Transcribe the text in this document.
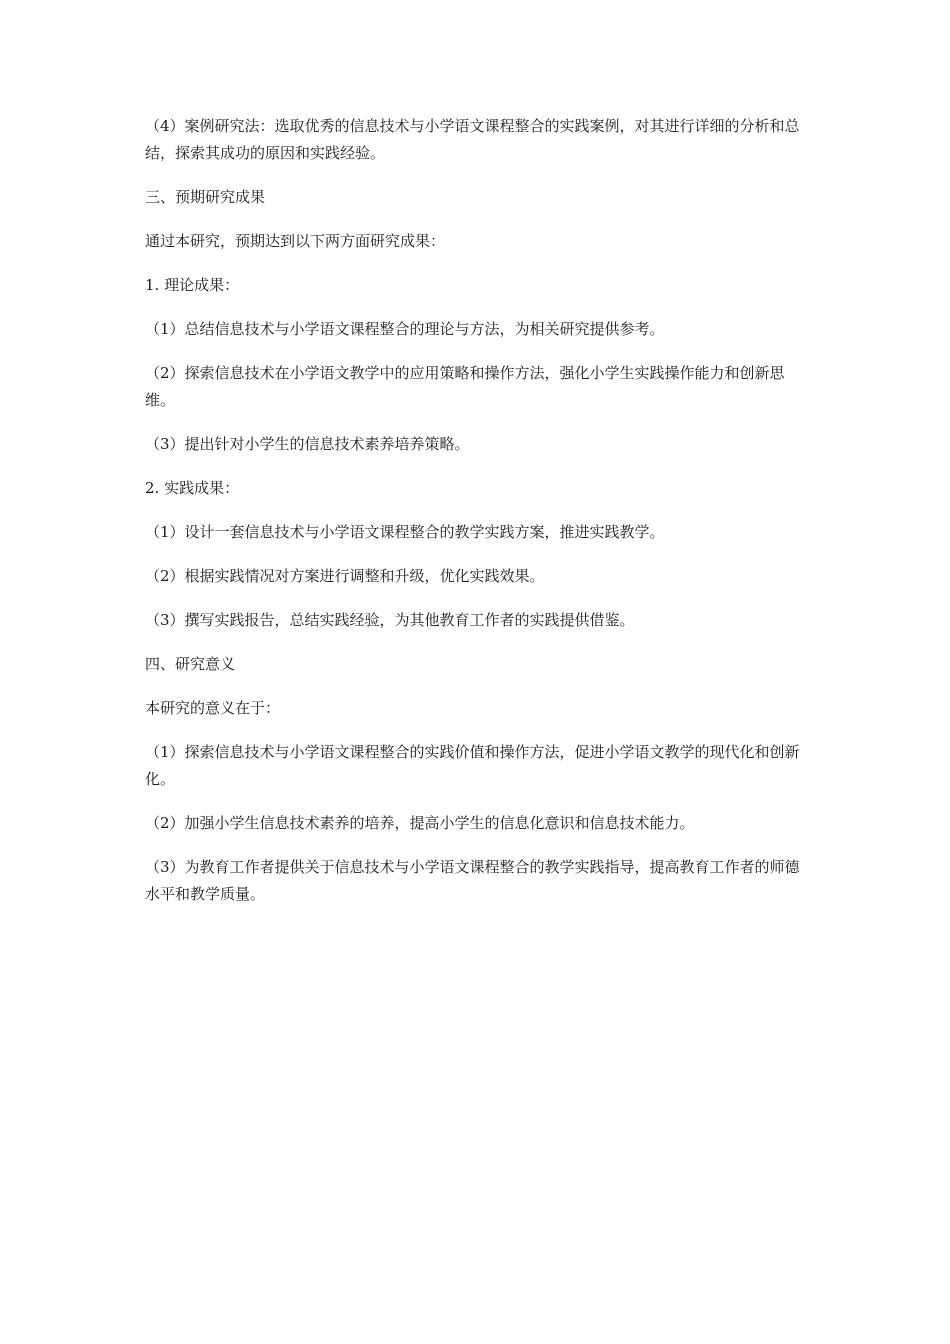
（4）案例研究法：选取优秀的信息技术与小学语文课程整合的实践案例，对其进行详细的分析和总结，探索其成功的原因和实践经验。

三、预期研究成果

通过本研究，预期达到以下两方面研究成果：

1. 理论成果：

（1）总结信息技术与小学语文课程整合的理论与方法，为相关研究提供参考。

（2）探索信息技术在小学语文教学中的应用策略和操作方法，强化小学生实践操作能力和创新思维。

（3）提出针对小学生的信息技术素养培养策略。

2. 实践成果：

（1）设计一套信息技术与小学语文课程整合的教学实践方案，推进实践教学。

（2）根据实践情况对方案进行调整和升级，优化实践效果。

（3）撰写实践报告，总结实践经验，为其他教育工作者的实践提供借鉴。

四、研究意义

本研究的意义在于：

（1）探索信息技术与小学语文课程整合的实践价值和操作方法，促进小学语文教学的现代化和创新化。

（2）加强小学生信息技术素养的培养，提高小学生的信息化意识和信息技术能力。

（3）为教育工作者提供关于信息技术与小学语文课程整合的教学实践指导，提高教育工作者的师德水平和教学质量。
